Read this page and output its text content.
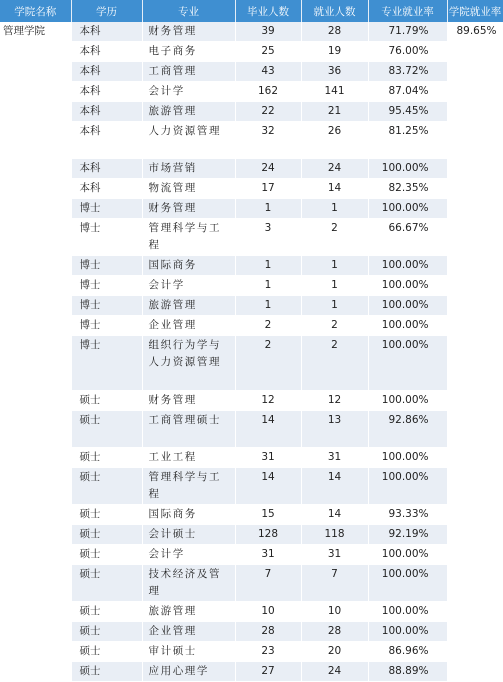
学院名称	学历	专业	毕业人数	就业人数	专业就业率	学院就业率
管理学院	本科	财务管理	39	28	71.79%	89.65%
	本科	电子商务	25	19	76.00%	
	本科	工商管理	43	36	83.72%	
	本科	会计学	162	141	87.04%	
	本科	旅游管理	22	21	95.45%	
	本科	人力资源管理	32	26	81.25%	
	本科	市场营销	24	24	100.00%	
	本科	物流管理	17	14	82.35%	
	博士	财务管理	1	1	100.00%	
	博士	管理科学与工程	3	2	66.67%	
	博士	国际商务	1	1	100.00%	
	博士	会计学	1	1	100.00%	
	博士	旅游管理	1	1	100.00%	
	博士	企业管理	2	2	100.00%	
	博士	组织行为学与人力资源管理	2	2	100.00%	
	硕士	财务管理	12	12	100.00%	
	硕士	工商管理硕士	14	13	92.86%	
	硕士	工业工程	31	31	100.00%	
	硕士	管理科学与工程	14	14	100.00%	
	硕士	国际商务	15	14	93.33%	
	硕士	会计硕士	128	118	92.19%	
	硕士	会计学	31	31	100.00%	
	硕士	技术经济及管理	7	7	100.00%	
	硕士	旅游管理	10	10	100.00%	
	硕士	企业管理	28	28	100.00%	
	硕士	审计硕士	23	20	86.96%	
	硕士	应用心理学	27	24	88.89%	
